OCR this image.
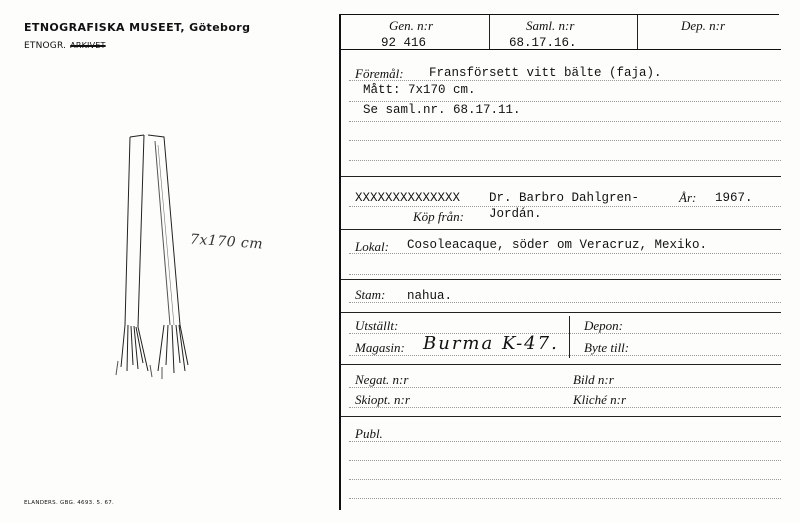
ETNOGRAFISKA MUSEET, Göteborg
ETNOGR. ARKIVET
7x170 cm
ELANDERS. GBG. 4693. 5. 67.
Gen. n:r
92 416
Saml. n:r
68.17.16.
Dep. n:r
Föremål: Fransförsett vitt bälte (faja).
Mått: 7x170 cm.
Se saml.nr. 68.17.11.
XXXXXXXXXXXXXX Dr. Barbro Dahlgren-	År: 1967.
Köp från: Jordán.
Lokal: Cosoleacaque, söder om Veracruz, Mexiko.
Stam: nahua.
Utställt:
Magasin: Burma K-47.
Depon:
Byte till:
Negat. n:r
Skiopt. n:r
Bild n:r
Kliché n:r
Publ.
